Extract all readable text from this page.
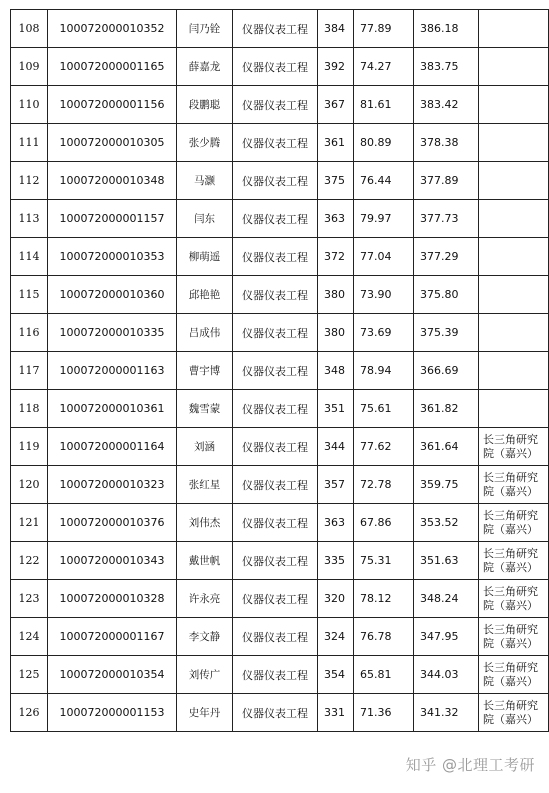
108	100072000010352	闫乃铨	仪器仪表工程	384	77.89	386.18	
109	100072000001165	薛嘉龙	仪器仪表工程	392	74.27	383.75	
110	100072000001156	段鹏聪	仪器仪表工程	367	81.61	383.42	
111	100072000010305	张少腾	仪器仪表工程	361	80.89	378.38	
112	100072000010348	马灏	仪器仪表工程	375	76.44	377.89	
113	100072000001157	闫东	仪器仪表工程	363	79.97	377.73	
114	100072000010353	柳萌遥	仪器仪表工程	372	77.04	377.29	
115	100072000010360	邱艳艳	仪器仪表工程	380	73.90	375.80	
116	100072000010335	吕成伟	仪器仪表工程	380	73.69	375.39	
117	100072000001163	曹宇博	仪器仪表工程	348	78.94	366.69	
118	100072000010361	魏雪蒙	仪器仪表工程	351	75.61	361.82	
119	100072000001164	刘涵	仪器仪表工程	344	77.62	361.64	长三角研究院（嘉兴）
120	100072000010323	张红星	仪器仪表工程	357	72.78	359.75	长三角研究院（嘉兴）
121	100072000010376	刘伟杰	仪器仪表工程	363	67.86	353.52	长三角研究院（嘉兴）
122	100072000010343	戴世帆	仪器仪表工程	335	75.31	351.63	长三角研究院（嘉兴）
123	100072000010328	许永亮	仪器仪表工程	320	78.12	348.24	长三角研究院（嘉兴）
124	100072000001167	李文静	仪器仪表工程	324	76.78	347.95	长三角研究院（嘉兴）
125	100072000010354	刘传广	仪器仪表工程	354	65.81	344.03	长三角研究院（嘉兴）
126	100072000001153	史年丹	仪器仪表工程	331	71.36	341.32	长三角研究院（嘉兴）
知乎 @北理工考研
